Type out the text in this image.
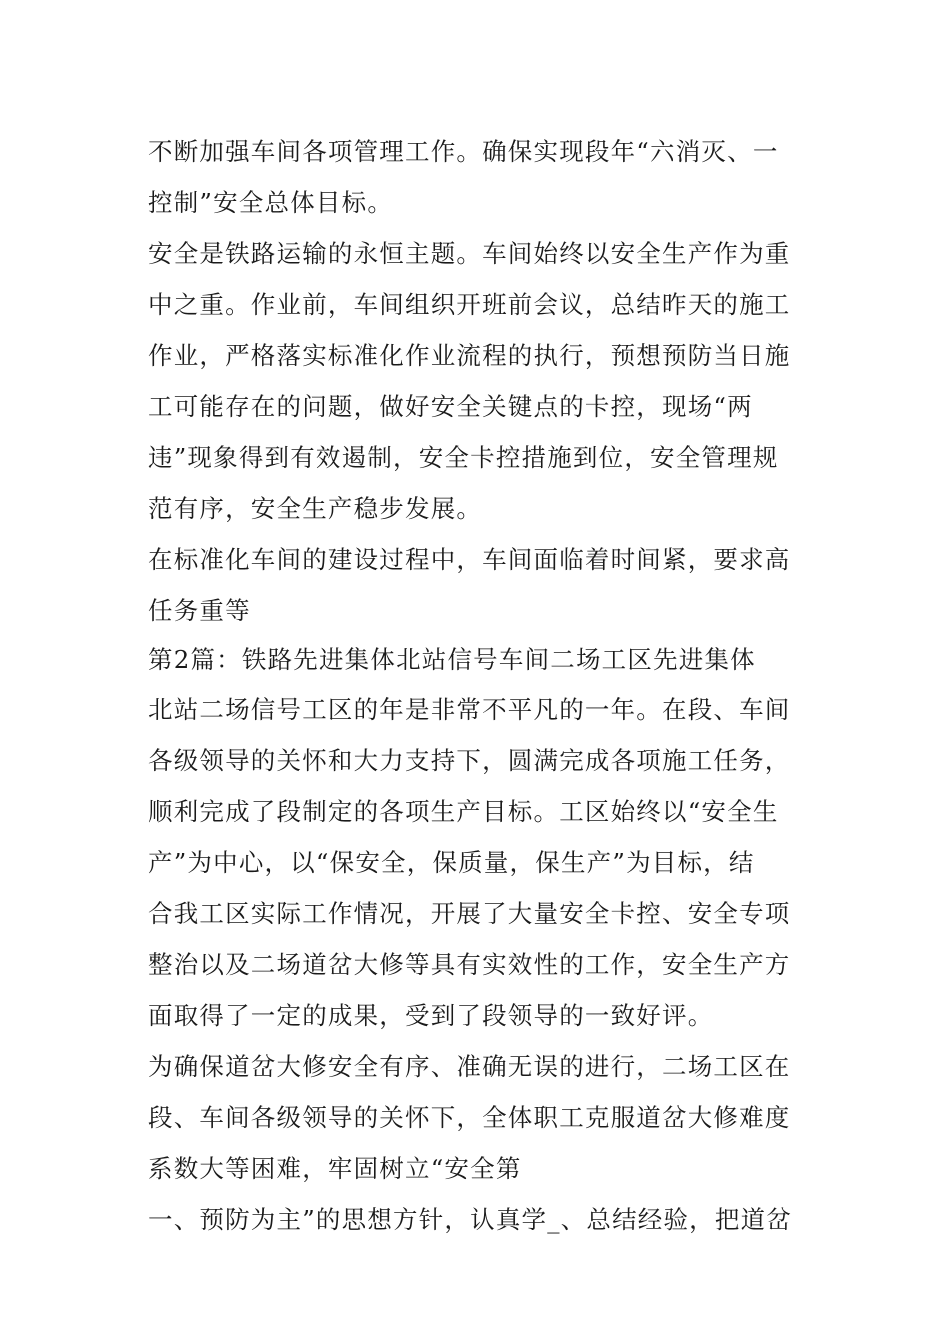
不断加强车间各项管理工作。确保实现段年“六消灭、一
控制”安全总体目标。
安全是铁路运输的永恒主题。车间始终以安全生产作为重
中之重。作业前，车间组织开班前会议，总结昨天的施工
作业，严格落实标准化作业流程的执行，预想预防当日施
工可能存在的问题，做好安全关键点的卡控，现场“两
违”现象得到有效遏制，安全卡控措施到位，安全管理规
范有序，安全生产稳步发展。
在标准化车间的建设过程中，车间面临着时间紧，要求高
任务重等
第2篇：铁路先进集体北站信号车间二场工区先进集体
北站二场信号工区的年是非常不平凡的一年。在段、车间
各级领导的关怀和大力支持下，圆满完成各项施工任务，
顺利完成了段制定的各项生产目标。工区始终以“安全生
产”为中心，以“保安全，保质量，保生产”为目标，结
合我工区实际工作情况，开展了大量安全卡控、安全专项
整治以及二场道岔大修等具有实效性的工作，安全生产方
面取得了一定的成果，受到了段领导的一致好评。
为确保道岔大修安全有序、准确无误的进行，二场工区在
段、车间各级领导的关怀下，全体职工克服道岔大修难度
系数大等困难，牢固树立“安全第
一、预防为主”的思想方针，认真学_、总结经验，把道岔
